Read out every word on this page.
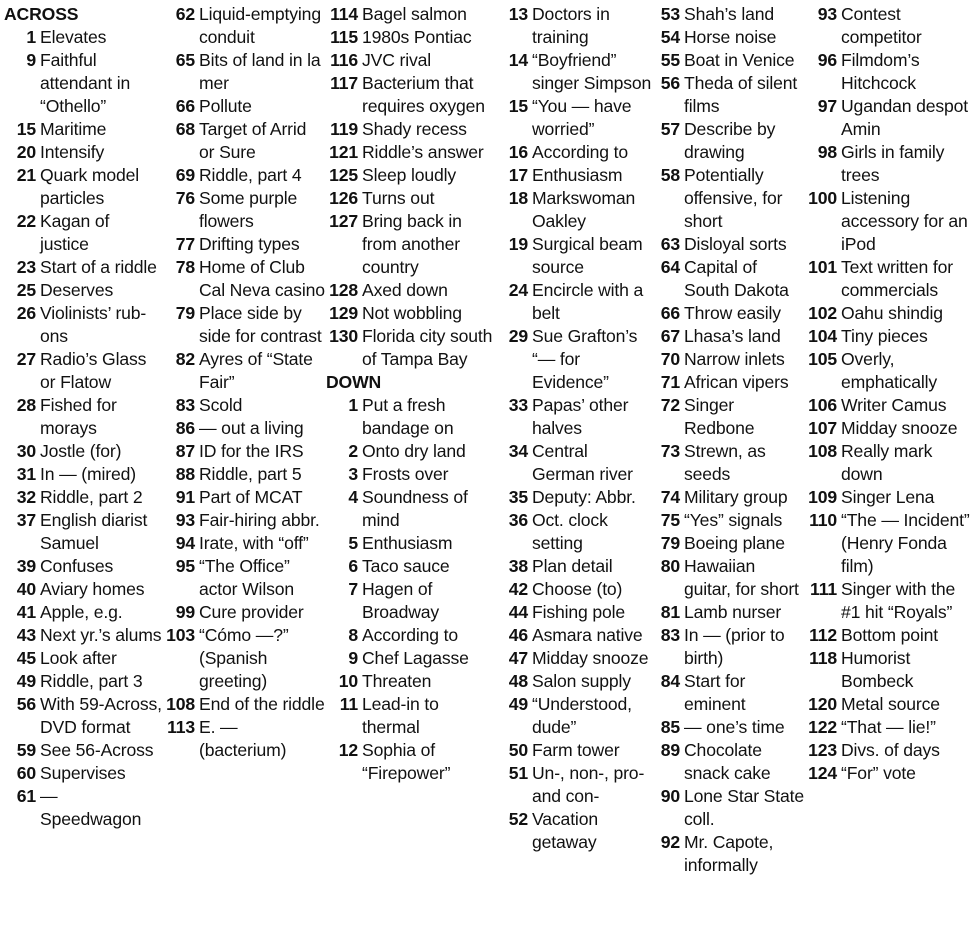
ACROSS
1 Elevates
9 Faithful attendant in “Othello”
15 Maritime
20 Intensify
21 Quark model particles
22 Kagan of justice
23 Start of a riddle
25 Deserves
26 Violinists’ rub-ons
27 Radio’s Glass or Flatow
28 Fished for morays
30 Jostle (for)
31 In — (mired)
32 Riddle, part 2
37 English diarist Samuel
39 Confuses
40 Aviary homes
41 Apple, e.g.
43 Next yr.’s alums
45 Look after
49 Riddle, part 3
56 With 59-Across, DVD format
59 See 56-Across
60 Supervises
61 — Speedwagon
62 Liquid-emptying conduit
65 Bits of land in la mer
66 Pollute
68 Target of Arrid or Sure
69 Riddle, part 4
76 Some purple flowers
77 Drifting types
78 Home of Club Cal Neva casino
79 Place side by side for contrast
82 Ayres of “State Fair”
83 Scold
86 — out a living
87 ID for the IRS
88 Riddle, part 5
91 Part of MCAT
93 Fair-hiring abbr.
94 Irate, with “off”
95 “The Office” actor Wilson
99 Cure provider
103 “Cómo —?” (Spanish greeting)
108 End of the riddle
113 E. — (bacterium)
114 Bagel salmon
115 1980s Pontiac
116 JVC rival
117 Bacterium that requires oxygen
119 Shady recess
121 Riddle’s answer
125 Sleep loudly
126 Turns out
127 Bring back in from another country
128 Axed down
129 Not wobbling
130 Florida city south of Tampa Bay
DOWN
1 Put a fresh bandage on
2 Onto dry land
3 Frosts over
4 Soundness of mind
5 Enthusiasm
6 Taco sauce
7 Hagen of Broadway
8 According to
9 Chef Lagasse
10 Threaten
11 Lead-in to thermal
12 Sophia of “Firepower”
13 Doctors in training
14 “Boyfriend” singer Simpson
15 “You — have worried”
16 According to
17 Enthusiasm
18 Markswoman Oakley
19 Surgical beam source
24 Encircle with a belt
29 Sue Grafton’s “— for Evidence”
33 Papas’ other halves
34 Central German river
35 Deputy: Abbr.
36 Oct. clock setting
38 Plan detail
42 Choose (to)
44 Fishing pole
46 Asmara native
47 Midday snooze
48 Salon supply
49 “Understood, dude”
50 Farm tower
51 Un-, non-, pro- and con-
52 Vacation getaway
53 Shah’s land
54 Horse noise
55 Boat in Venice
56 Theda of silent films
57 Describe by drawing
58 Potentially offensive, for short
63 Disloyal sorts
64 Capital of South Dakota
66 Throw easily
67 Lhasa’s land
70 Narrow inlets
71 African vipers
72 Singer Redbone
73 Strewn, as seeds
74 Military group
75 “Yes” signals
79 Boeing plane
80 Hawaiian guitar, for short
81 Lamb nurser
83 In — (prior to birth)
84 Start for eminent
85 — one’s time
89 Chocolate snack cake
90 Lone Star State coll.
92 Mr. Capote, informally
93 Contest competitor
96 Filmdom’s Hitchcock
97 Ugandan despot Amin
98 Girls in family trees
100 Listening accessory for an iPod
101 Text written for commercials
102 Oahu shindig
104 Tiny pieces
105 Overly, emphatically
106 Writer Camus
107 Midday snooze
108 Really mark down
109 Singer Lena
110 “The — Incident” (Henry Fonda film)
111 Singer with the #1 hit “Royals”
112 Bottom point
118 Humorist Bombeck
120 Metal source
122 “That — lie!”
123 Divs. of days
124 “For” vote
